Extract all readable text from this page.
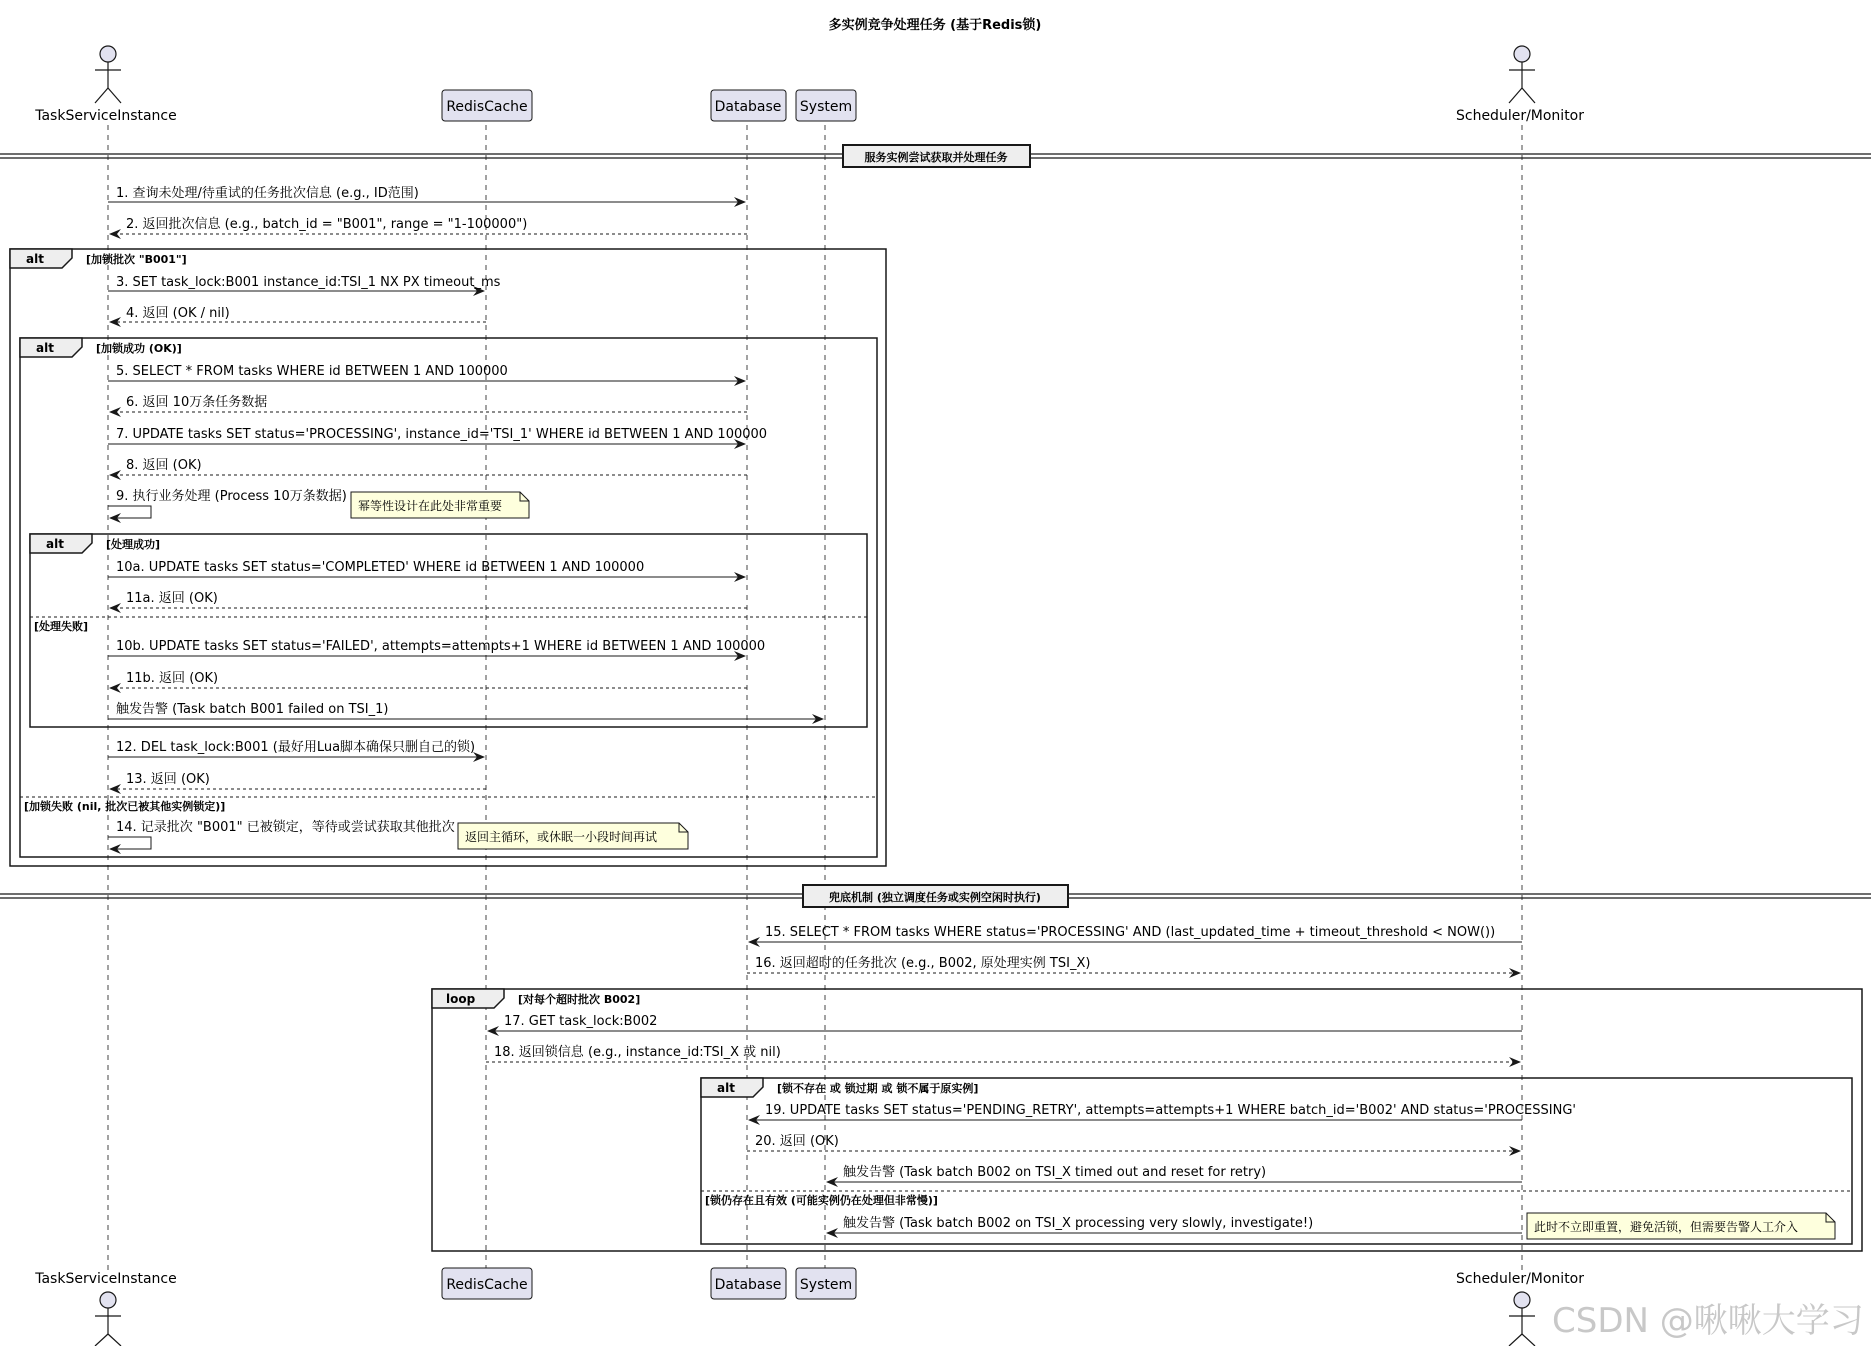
多实例竞争处理任务 (基于Redis锁)
TaskServiceInstance
RedisCache	Database System
Scheduler/Monitor
服务实例尝试获取并处理任务
alt	[加锁批次 "B001"]
alt	[加锁成功 (OK)]
[加锁失败 (nil, 批次已被其他实例锁定)]
alt	[处理成功]
[处理失败]
兜底机制 (独立调度任务或实例空闲时执行)
loop	[对每个超时批次 B002]
alt	[锁不存在 或 锁过期 或 锁不属于原实例]
[锁仍存在且有效 (可能实例仍在处理但非常慢)]
1. 查询未处理/待重试的任务批次信息 (e.g., ID范围)
2. 返回批次信息 (e.g., batch_id = "B001", range = "1-100000")
3. SET task_lock:B001 instance_id:TSI_1 NX PX timeout_ms
4. 返回 (OK / nil)
5. SELECT * FROM tasks WHERE id BETWEEN 1 AND 100000
6. 返回 10万条任务数据
7. UPDATE tasks SET status='PROCESSING', instance_id='TSI_1' WHERE id BETWEEN 1 AND 100000
8. 返回 (OK)
9. 执行业务处理 (Process 10万条数据)
10a. UPDATE tasks SET status='COMPLETED' WHERE id BETWEEN 1 AND 100000
11a. 返回 (OK)
10b. UPDATE tasks SET status='FAILED', attempts=attempts+1 WHERE id BETWEEN 1 AND 100000
11b. 返回 (OK)
触发告警 (Task batch B001 failed on TSI_1)
12. DEL task_lock:B001 (最好用Lua脚本确保只删自己的锁)
13. 返回 (OK)
14. 记录批次 "B001" 已被锁定，等待或尝试获取其他批次
15. SELECT * FROM tasks WHERE status='PROCESSING' AND (last_updated_time + timeout_threshold < NOW())
16. 返回超时的任务批次 (e.g., B002, 原处理实例 TSI_X)
17. GET task_lock:B002
18. 返回锁信息 (e.g., instance_id:TSI_X 或 nil)
19. UPDATE tasks SET status='PENDING_RETRY', attempts=attempts+1 WHERE batch_id='B002' AND status='PROCESSING'
20. 返回 (OK)
触发告警 (Task batch B002 on TSI_X timed out and reset for retry)
触发告警 (Task batch B002 on TSI_X processing very slowly, investigate!)
幂等性设计在此处非常重要
返回主循环，或休眠一小段时间再试
此时不立即重置，避免活锁，但需要告警人工介入
TaskServiceInstance	RedisCache	Database System	Scheduler/Monitor
CSDN @啾啾大学习
